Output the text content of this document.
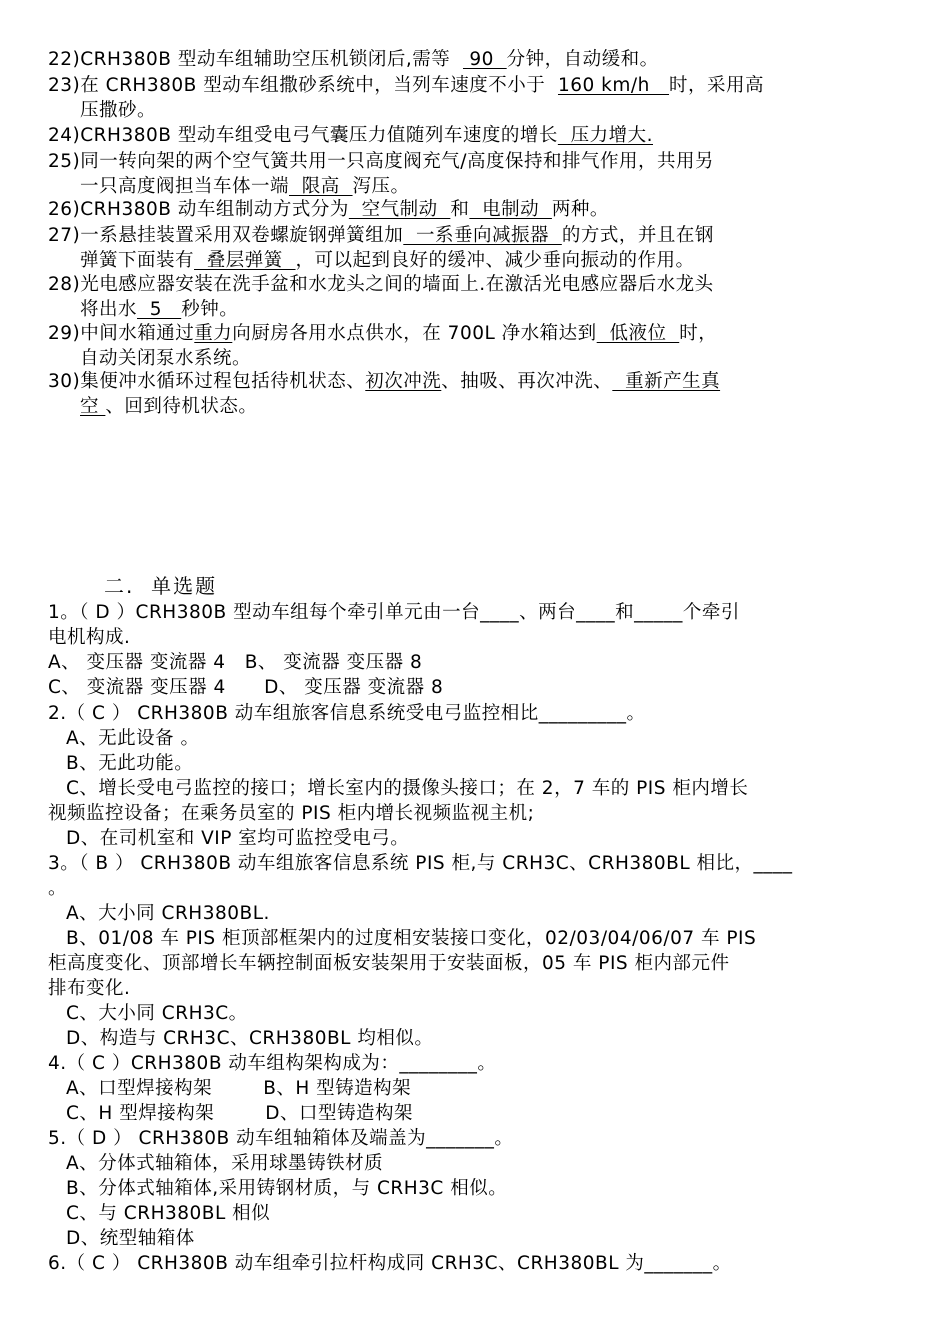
22)CRH380B 型动车组辅助空压机锁闭后,需等   90  分钟，自动缓和。
23)在 CRH380B 型动车组撒砂系统中，当列车速度不小于  160 km/h   时，采用高
压撒砂。
24)CRH380B 型动车组受电弓气囊压力值随列车速度的增长  压力增大.
25)同一转向架的两个空气簧共用一只高度阀充气/高度保持和排气作用，共用另
一只高度阀担当车体一端  限高  泻压。
26)CRH380B 动车组制动方式分为  空气制动  和  电制动  两种。
27)一系悬挂装置采用双卷螺旋钢弹簧组加  一系垂向减振器  的方式，并且在钢
弹簧下面装有  叠层弹簧  ，可以起到良好的缓冲、减少垂向振动的作用。
28)光电感应器安装在洗手盆和水龙头之间的墙面上.在激活光电感应器后水龙头
将出水  5   秒钟。
29)中间水箱通过重力向厨房各用水点供水，在 700L 净水箱达到  低液位  时，
自动关闭泵水系统。
30)集便冲水循环过程包括待机状态、初次冲洗、抽吸、再次冲洗、  重新产生真
空 、回到待机状态。
二.  单选题
1。（ D ）CRH380B 型动车组每个牵引单元由一台____、两台____和_____个牵引
电机构成.
A、 变压器 变流器 4   B、 变流器 变压器 8
C、 变流器 变压器 4      D、 变压器 变流器 8
2.（ C ） CRH380B 动车组旅客信息系统受电弓监控相比_________。
A、无此设备 。
B、无此功能。
C、增长受电弓监控的接口；增长室内的摄像头接口；在 2，7 车的 PIS 柜内增长
视频监控设备；在乘务员室的 PIS 柜内增长视频监视主机;
D、在司机室和 VIP 室均可监控受电弓。
3。（ B ） CRH380B 动车组旅客信息系统 PIS 柜,与 CRH3C、CRH380BL 相比，____
。
A、大小同 CRH380BL.
B、01/08 车 PIS 柜顶部框架内的过度相安装接口变化，02/03/04/06/07 车 PIS
柜高度变化、顶部增长车辆控制面板安装架用于安装面板，05 车 PIS 柜内部元件
排布变化.
C、大小同 CRH3C。
D、构造与 CRH3C、CRH380BL 均相似。
4.（ C ）CRH380B 动车组构架构成为：________。
A、口型焊接构架        B、H 型铸造构架
C、H 型焊接构架        D、口型铸造构架
5.（ D ） CRH380B 动车组轴箱体及端盖为_______。
A、分体式轴箱体，采用球墨铸铁材质
B、分体式轴箱体,采用铸钢材质，与 CRH3C 相似。
C、与 CRH380BL 相似
D、统型轴箱体
6.（ C ） CRH380B 动车组牵引拉杆构成同 CRH3C、CRH380BL 为_______。
